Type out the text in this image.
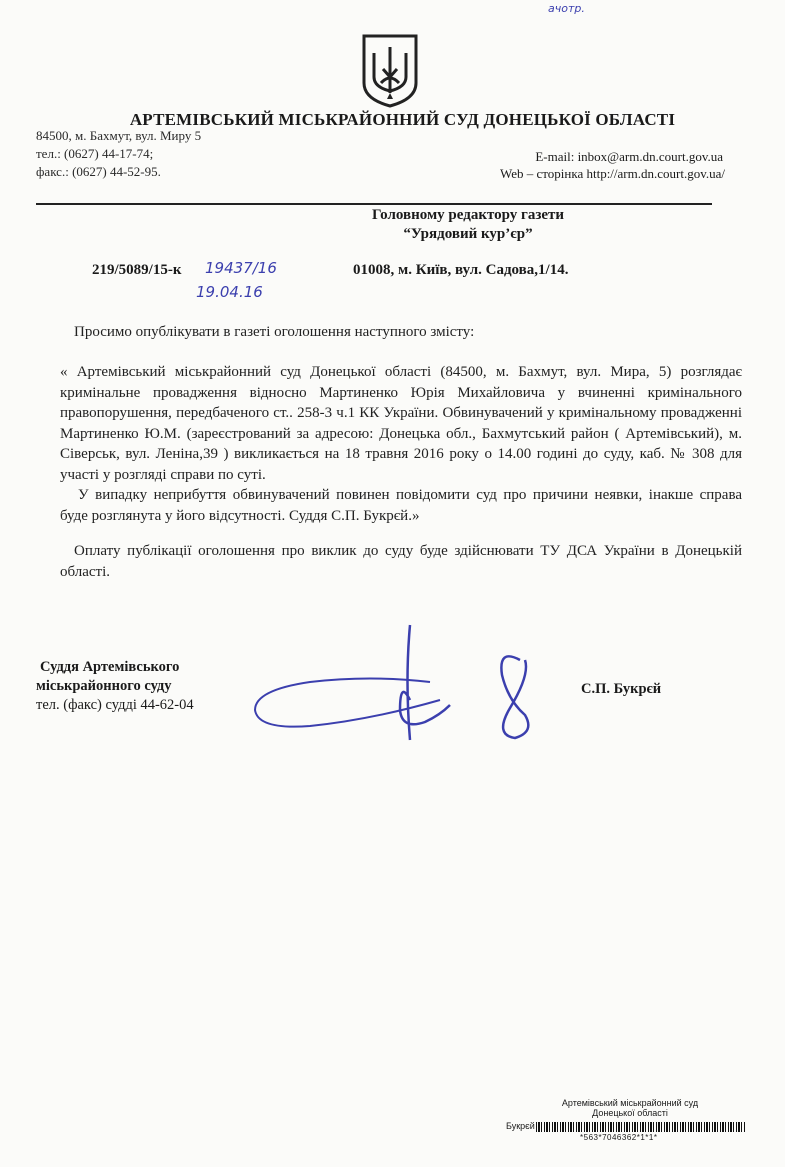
ачотр.
АРТЕМІВСЬКИЙ МІСЬКРАЙОННИЙ СУД ДОНЕЦЬКОЇ ОБЛАСТІ
84500, м. Бахмут, вул. Миру 5
тел.: (0627) 44-17-74;
факс.: (0627) 44-52-95.
E-mail: inbox@arm.dn.court.gov.ua
Web – сторінка http://arm.dn.court.gov.ua/
Головному редактору газети
“Урядовий кур’єр”
219/5089/15-к 19437/16
19.04.16
01008, м. Київ, вул. Садова,1/14.

Просимо опублікувати в газеті оголошення наступного змісту:

« Артемівський міськрайонний суд Донецької області (84500, м. Бахмут, вул. Мира, 5) розглядає кримінальне провадження відносно Мартиненко Юрія Михайловича у вчиненні кримінального правопорушення, передбаченого ст.. 258-3 ч.1 КК України. Обвинувачений у кримінальному провадженні Мартиненко Ю.М. (зареєстрований за адресою: Донецька обл., Бахмутський район ( Артемівський), м. Сіверськ, вул. Леніна,39 ) викликається на 18 травня 2016 року о 14.00 годині до суду, каб. № 308 для участі у розгляді справи по суті.

У випадку неприбуття обвинувачений повинен повідомити суд про причини неявки, інакше справа буде розглянута у його відсутності. Суддя С.П. Букрєй.»

Оплату публікації оголошення про виклик до суду буде здійснювати ТУ ДСА України в Донецькій області.

Суддя Артемівського
міськрайонного суду
тел. (факс) судді 44-62-04
С.П. Букрєй
Артемівський міськрайонний суд
Донецької області
Букрєй
*563*7046362*1*1*
